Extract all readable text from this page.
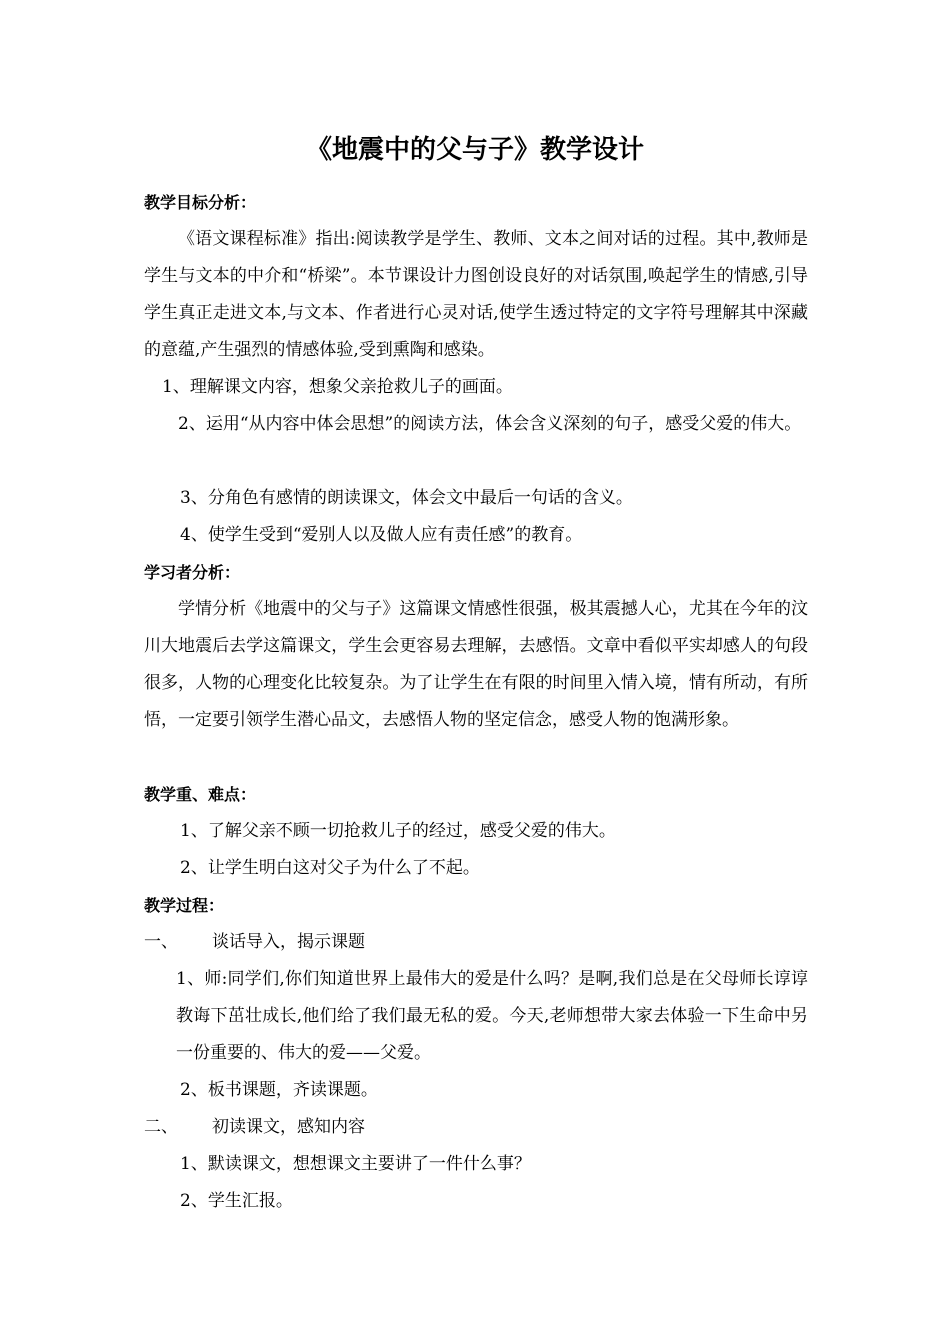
《地震中的父与子》教学设计
教学目标分析：
《语文课程标准》指出:阅读教学是学生、教师、文本之间对话的过程。其中,教师是学生与文本的中介和“桥梁”。本节课设计力图创设良好的对话氛围,唤起学生的情感,引导学生真正走进文本,与文本、作者进行心灵对话,使学生透过特定的文字符号理解其中深藏的意蕴,产生强烈的情感体验,受到熏陶和感染。
1、理解课文内容，想象父亲抢救儿子的画面。
2、运用“从内容中体会思想”的阅读方法，体会含义深刻的句子，感受父爱的伟大。
3、分角色有感情的朗读课文，体会文中最后一句话的含义。
4、使学生受到“爱别人以及做人应有责任感”的教育。
学习者分析：
学情分析《地震中的父与子》这篇课文情感性很强，极其震撼人心，尤其在今年的汶川大地震后去学这篇课文，学生会更容易去理解，去感悟。文章中看似平实却感人的句段很多，人物的心理变化比较复杂。为了让学生在有限的时间里入情入境，情有所动，有所悟，一定要引领学生潜心品文，去感悟人物的坚定信念，感受人物的饱满形象。
教学重、难点：
1、了解父亲不顾一切抢救儿子的经过，感受父爱的伟大。
2、让学生明白这对父子为什么了不起。
教学过程：
一、 谈话导入，揭示课题
1、师:同学们,你们知道世界上最伟大的爱是什么吗？是啊,我们总是在父母师长谆谆教诲下茁壮成长,他们给了我们最无私的爱。今天,老师想带大家去体验一下生命中另一份重要的、伟大的爱——父爱。
2、板书课题，齐读课题。
二、 初读课文，感知内容
1、默读课文，想想课文主要讲了一件什么事？
2、学生汇报。
